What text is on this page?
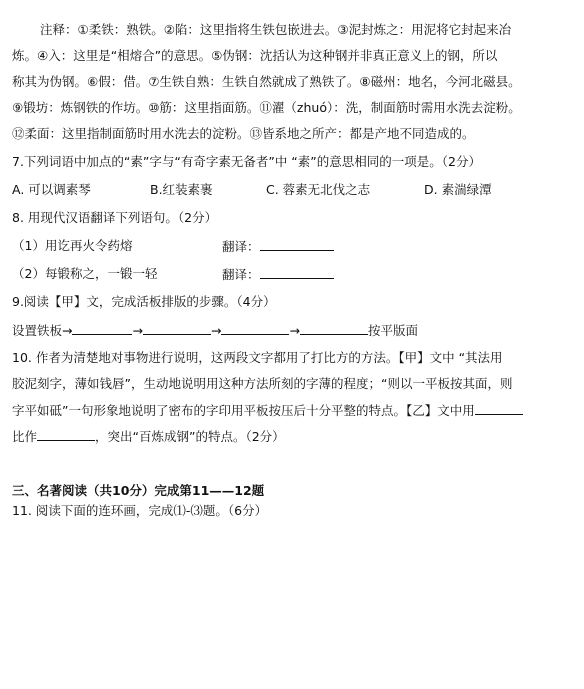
注释：①柔铁：熟铁。②陷：这里指将生铁包嵌进去。③泥封炼之：用泥将它封起来冶
炼。④入：这里是“相熔合”的意思。⑤伪钢：沈括认为这种钢并非真正意义上的钢，所以
称其为伪钢。⑥假：借。⑦生铁自熟：生铁自然就成了熟铁了。⑧磁州：地名，今河北磁县。
⑨锻坊：炼钢铁的作坊。⑩筋：这里指面筋。⑪濯（zhuó）：洗，制面筋时需用水洗去淀粉。
⑫柔面：这里指制面筋时用水洗去的淀粉。⑬皆系地之所产：都是产地不同造成的。
7.下列词语中加点的“素”字与“有奇字素无备者”中 “素”的意思相同的一项是。（2分）
A. 可以调素琴	B.红装素裹	C. 蓉素无北伐之志	D. 素湍绿潭
8. 用现代汉语翻译下列语句。（2分）
（1）用讫再火令药熔	翻译：
（2）每锻称之，一锻一轻	翻译：
9.阅读【甲】文，完成活板排版的步骤。（4分）
设置铁板→	→	→	→	按平版面
10. 作者为清楚地对事物进行说明，这两段文字都用了打比方的方法。【甲】文中 “其法用
胶泥刻字，薄如钱唇”，生动地说明用这种方法所刻的字薄的程度；“则以一平板按其面，则
字平如砥”一句形象地说明了密布的字印用平板按压后十分平整的特点。【乙】文中用
比作	，突出“百炼成钢”的特点。（2分）
三、名著阅读（共10分）完成第11——12题
11. 阅读下面的连环画，完成⑴-⑶题。（6分）
